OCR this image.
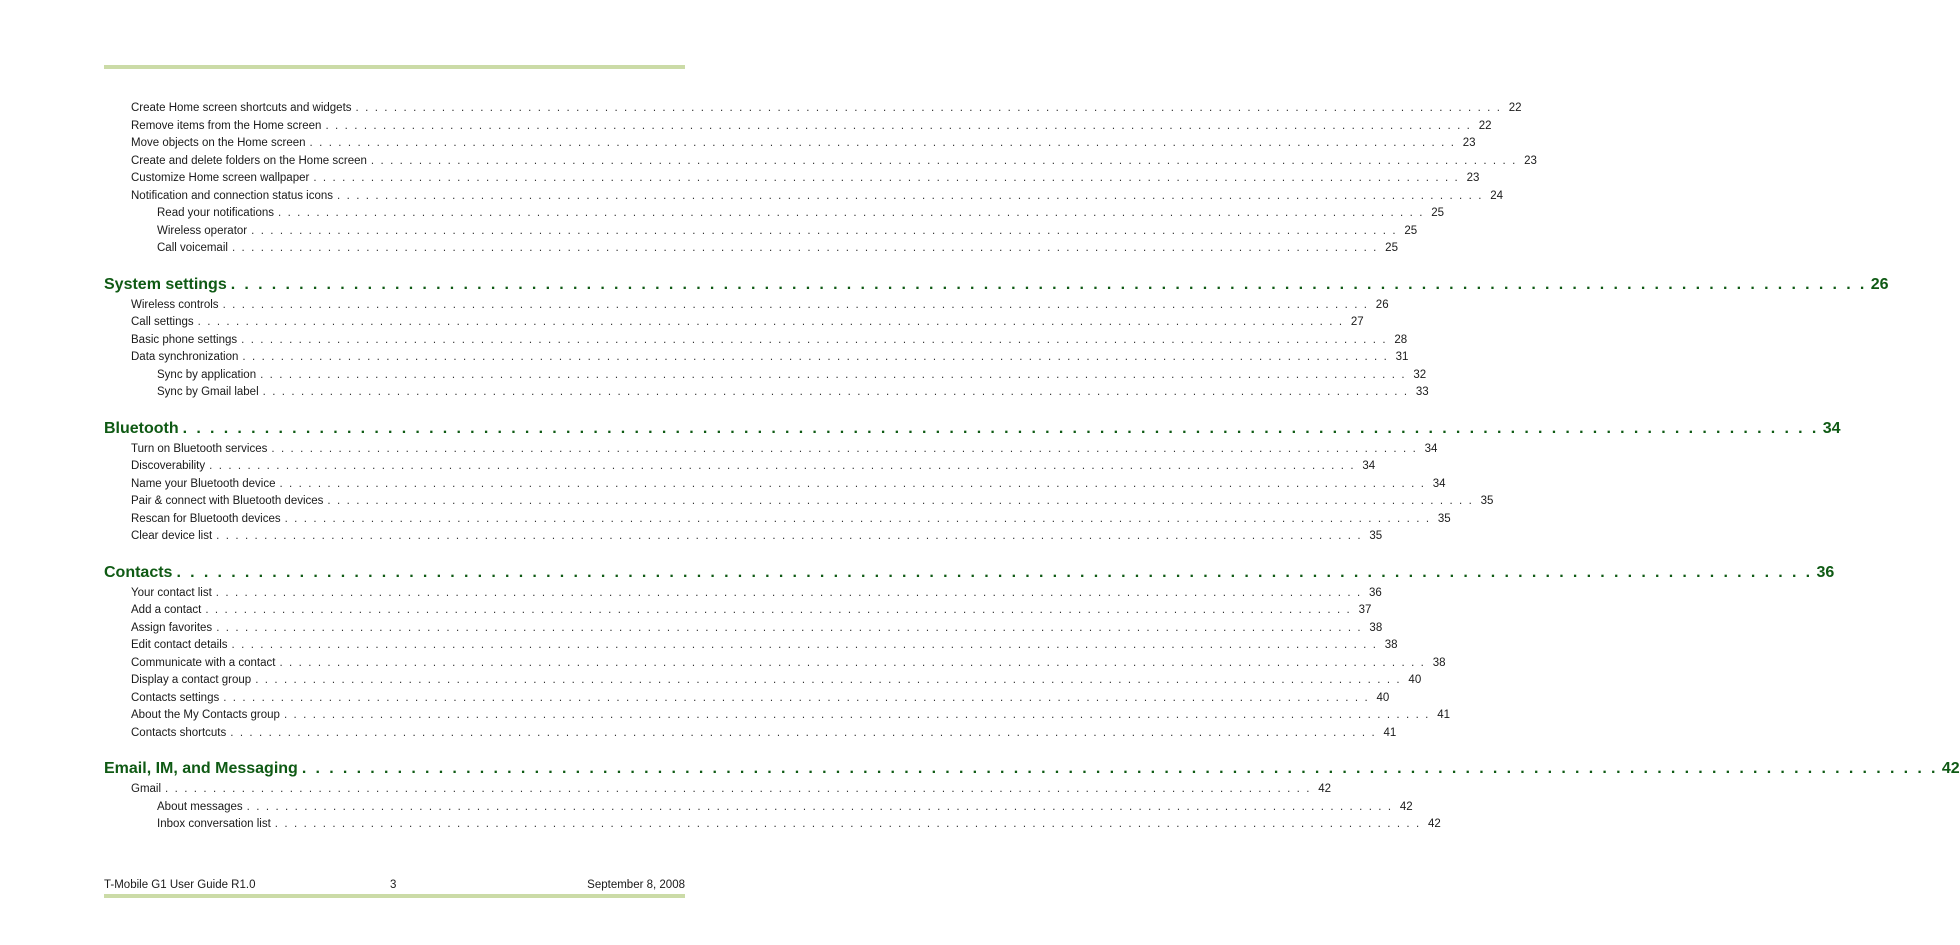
Create Home screen shortcuts and widgets . . . . . . . . . . . . . . . . . . . . . . . . . . . . . . . . . . . . . . . . . . . . . . . . . . . . . . . . . . . . . . . . . . . . . . . . . . . . . . . . . . . . . . . . . . . . . . . . . . . . . . . . . . . . . . . . . . . . . . . . 22
Remove items from the Home screen . . . . . . . . . . . . . . . . . . . . . . . . . . . . . . . . . . . . . . . . . . . . . . . . . . . . . . . . . . . . . . . . . . . . . . . . . . . . . . . . . . . . . . . . . . . . . . . . . . . . . . . . . . . . . . . . . . . . . . . . 22
Move objects on the Home screen . . . . . . . . . . . . . . . . . . . . . . . . . . . . . . . . . . . . . . . . . . . . . . . . . . . . . . . . . . . . . . . . . . . . . . . . . . . . . . . . . . . . . . . . . . . . . . . . . . . . . . . . . . . . . . . . . . . . . . . . 23
Create and delete folders on the Home screen . . . . . . . . . . . . . . . . . . . . . . . . . . . . . . . . . . . . . . . . . . . . . . . . . . . . . . . . . . . . . . . . . . . . . . . . . . . . . . . . . . . . . . . . . . . . . . . . . . . . . . . . . . . . . . . . . . . . . . . . 23
Customize Home screen wallpaper . . . . . . . . . . . . . . . . . . . . . . . . . . . . . . . . . . . . . . . . . . . . . . . . . . . . . . . . . . . . . . . . . . . . . . . . . . . . . . . . . . . . . . . . . . . . . . . . . . . . . . . . . . . . . . . . . . . . . . . . 23
Notification and connection status icons . . . . . . . . . . . . . . . . . . . . . . . . . . . . . . . . . . . . . . . . . . . . . . . . . . . . . . . . . . . . . . . . . . . . . . . . . . . . . . . . . . . . . . . . . . . . . . . . . . . . . . . . . . . . . . . . . . . . . . . . 24
Read your notifications . . . . . . . . . . . . . . . . . . . . . . . . . . . . . . . . . . . . . . . . . . . . . . . . . . . . . . . . . . . . . . . . . . . . . . . . . . . . . . . . . . . . . . . . . . . . . . . . . . . . . . . . . . . . . . . . . . . . . . . . 25
Wireless operator . . . . . . . . . . . . . . . . . . . . . . . . . . . . . . . . . . . . . . . . . . . . . . . . . . . . . . . . . . . . . . . . . . . . . . . . . . . . . . . . . . . . . . . . . . . . . . . . . . . . . . . . . . . . . . . . . . . . . . . . 25
Call voicemail . . . . . . . . . . . . . . . . . . . . . . . . . . . . . . . . . . . . . . . . . . . . . . . . . . . . . . . . . . . . . . . . . . . . . . . . . . . . . . . . . . . . . . . . . . . . . . . . . . . . . . . . . . . . . . . . . . . . . . . . 25
System settings . . . . . . . . . . . . . . . . . . . . . . . . . . . . . . . . . . . . . . . . . . . . . . . . . . . . . . . . . . . . . . . . . . . . . . . . . . . . . . . . . . . . . . . . . . . . . . . . . . . . . . . . . . . . . . . . . . . . . . . . 26
Wireless controls . . . . . . . . . . . . . . . . . . . . . . . . . . . . . . . . . . . . . . . . . . . . . . . . . . . . . . . . . . . . . . . . . . . . . . . . . . . . . . . . . . . . . . . . . . . . . . . . . . . . . . . . . . . . . . . . . . . . . . . . 26
Call settings . . . . . . . . . . . . . . . . . . . . . . . . . . . . . . . . . . . . . . . . . . . . . . . . . . . . . . . . . . . . . . . . . . . . . . . . . . . . . . . . . . . . . . . . . . . . . . . . . . . . . . . . . . . . . . . . . . . . . . . . 27
Basic phone settings . . . . . . . . . . . . . . . . . . . . . . . . . . . . . . . . . . . . . . . . . . . . . . . . . . . . . . . . . . . . . . . . . . . . . . . . . . . . . . . . . . . . . . . . . . . . . . . . . . . . . . . . . . . . . . . . . . . . . . . . 28
Data synchronization . . . . . . . . . . . . . . . . . . . . . . . . . . . . . . . . . . . . . . . . . . . . . . . . . . . . . . . . . . . . . . . . . . . . . . . . . . . . . . . . . . . . . . . . . . . . . . . . . . . . . . . . . . . . . . . . . . . . . . . . 31
Sync by application . . . . . . . . . . . . . . . . . . . . . . . . . . . . . . . . . . . . . . . . . . . . . . . . . . . . . . . . . . . . . . . . . . . . . . . . . . . . . . . . . . . . . . . . . . . . . . . . . . . . . . . . . . . . . . . . . . . . . . . . 32
Sync by Gmail label . . . . . . . . . . . . . . . . . . . . . . . . . . . . . . . . . . . . . . . . . . . . . . . . . . . . . . . . . . . . . . . . . . . . . . . . . . . . . . . . . . . . . . . . . . . . . . . . . . . . . . . . . . . . . . . . . . . . . . . . 33
Bluetooth . . . . . . . . . . . . . . . . . . . . . . . . . . . . . . . . . . . . . . . . . . . . . . . . . . . . . . . . . . . . . . . . . . . . . . . . . . . . . . . . . . . . . . . . . . . . . . . . . . . . . . . . . . . . . . . . . . . . . . . . 34
Turn on Bluetooth services . . . . . . . . . . . . . . . . . . . . . . . . . . . . . . . . . . . . . . . . . . . . . . . . . . . . . . . . . . . . . . . . . . . . . . . . . . . . . . . . . . . . . . . . . . . . . . . . . . . . . . . . . . . . . . . . . . . . . . . . 34
Discoverability . . . . . . . . . . . . . . . . . . . . . . . . . . . . . . . . . . . . . . . . . . . . . . . . . . . . . . . . . . . . . . . . . . . . . . . . . . . . . . . . . . . . . . . . . . . . . . . . . . . . . . . . . . . . . . . . . . . . . . . . 34
Name your Bluetooth device . . . . . . . . . . . . . . . . . . . . . . . . . . . . . . . . . . . . . . . . . . . . . . . . . . . . . . . . . . . . . . . . . . . . . . . . . . . . . . . . . . . . . . . . . . . . . . . . . . . . . . . . . . . . . . . . . . . . . . . . 34
Pair & connect with Bluetooth devices . . . . . . . . . . . . . . . . . . . . . . . . . . . . . . . . . . . . . . . . . . . . . . . . . . . . . . . . . . . . . . . . . . . . . . . . . . . . . . . . . . . . . . . . . . . . . . . . . . . . . . . . . . . . . . . . . . . . . . . . 35
Rescan for Bluetooth devices . . . . . . . . . . . . . . . . . . . . . . . . . . . . . . . . . . . . . . . . . . . . . . . . . . . . . . . . . . . . . . . . . . . . . . . . . . . . . . . . . . . . . . . . . . . . . . . . . . . . . . . . . . . . . . . . . . . . . . . . 35
Clear device list . . . . . . . . . . . . . . . . . . . . . . . . . . . . . . . . . . . . . . . . . . . . . . . . . . . . . . . . . . . . . . . . . . . . . . . . . . . . . . . . . . . . . . . . . . . . . . . . . . . . . . . . . . . . . . . . . . . . . . . . 35
Contacts . . . . . . . . . . . . . . . . . . . . . . . . . . . . . . . . . . . . . . . . . . . . . . . . . . . . . . . . . . . . . . . . . . . . . . . . . . . . . . . . . . . . . . . . . . . . . . . . . . . . . . . . . . . . . . . . . . . . . . . . 36
Your contact list . . . . . . . . . . . . . . . . . . . . . . . . . . . . . . . . . . . . . . . . . . . . . . . . . . . . . . . . . . . . . . . . . . . . . . . . . . . . . . . . . . . . . . . . . . . . . . . . . . . . . . . . . . . . . . . . . . . . . . . . 36
Add a contact . . . . . . . . . . . . . . . . . . . . . . . . . . . . . . . . . . . . . . . . . . . . . . . . . . . . . . . . . . . . . . . . . . . . . . . . . . . . . . . . . . . . . . . . . . . . . . . . . . . . . . . . . . . . . . . . . . . . . . . . 37
Assign favorites . . . . . . . . . . . . . . . . . . . . . . . . . . . . . . . . . . . . . . . . . . . . . . . . . . . . . . . . . . . . . . . . . . . . . . . . . . . . . . . . . . . . . . . . . . . . . . . . . . . . . . . . . . . . . . . . . . . . . . . . 38
Edit contact details . . . . . . . . . . . . . . . . . . . . . . . . . . . . . . . . . . . . . . . . . . . . . . . . . . . . . . . . . . . . . . . . . . . . . . . . . . . . . . . . . . . . . . . . . . . . . . . . . . . . . . . . . . . . . . . . . . . . . . . . 38
Communicate with a contact . . . . . . . . . . . . . . . . . . . . . . . . . . . . . . . . . . . . . . . . . . . . . . . . . . . . . . . . . . . . . . . . . . . . . . . . . . . . . . . . . . . . . . . . . . . . . . . . . . . . . . . . . . . . . . . . . . . . . . . . 38
Display a contact group . . . . . . . . . . . . . . . . . . . . . . . . . . . . . . . . . . . . . . . . . . . . . . . . . . . . . . . . . . . . . . . . . . . . . . . . . . . . . . . . . . . . . . . . . . . . . . . . . . . . . . . . . . . . . . . . . . . . . . . . 40
Contacts settings . . . . . . . . . . . . . . . . . . . . . . . . . . . . . . . . . . . . . . . . . . . . . . . . . . . . . . . . . . . . . . . . . . . . . . . . . . . . . . . . . . . . . . . . . . . . . . . . . . . . . . . . . . . . . . . . . . . . . . . . 40
About the My Contacts group . . . . . . . . . . . . . . . . . . . . . . . . . . . . . . . . . . . . . . . . . . . . . . . . . . . . . . . . . . . . . . . . . . . . . . . . . . . . . . . . . . . . . . . . . . . . . . . . . . . . . . . . . . . . . . . . . . . . . . . . 41
Contacts shortcuts . . . . . . . . . . . . . . . . . . . . . . . . . . . . . . . . . . . . . . . . . . . . . . . . . . . . . . . . . . . . . . . . . . . . . . . . . . . . . . . . . . . . . . . . . . . . . . . . . . . . . . . . . . . . . . . . . . . . . . . . 41
Email, IM, and Messaging . . . . . . . . . . . . . . . . . . . . . . . . . . . . . . . . . . . . . . . . . . . . . . . . . . . . . . . . . . . . . . . . . . . . . . . . . . . . . . . . . . . . . . . . . . . . . . . . . . . . . . . . . . . . . . . . . . . . . . . . 42
Gmail . . . . . . . . . . . . . . . . . . . . . . . . . . . . . . . . . . . . . . . . . . . . . . . . . . . . . . . . . . . . . . . . . . . . . . . . . . . . . . . . . . . . . . . . . . . . . . . . . . . . . . . . . . . . . . . . . . . . . . . . 42
About messages . . . . . . . . . . . . . . . . . . . . . . . . . . . . . . . . . . . . . . . . . . . . . . . . . . . . . . . . . . . . . . . . . . . . . . . . . . . . . . . . . . . . . . . . . . . . . . . . . . . . . . . . . . . . . . . . . . . . . . . . 42
Inbox conversation list . . . . . . . . . . . . . . . . . . . . . . . . . . . . . . . . . . . . . . . . . . . . . . . . . . . . . . . . . . . . . . . . . . . . . . . . . . . . . . . . . . . . . . . . . . . . . . . . . . . . . . . . . . . . . . . . . . . . . . . . 42
T-Mobile G1 User Guide R1.0	3	September 8, 2008
